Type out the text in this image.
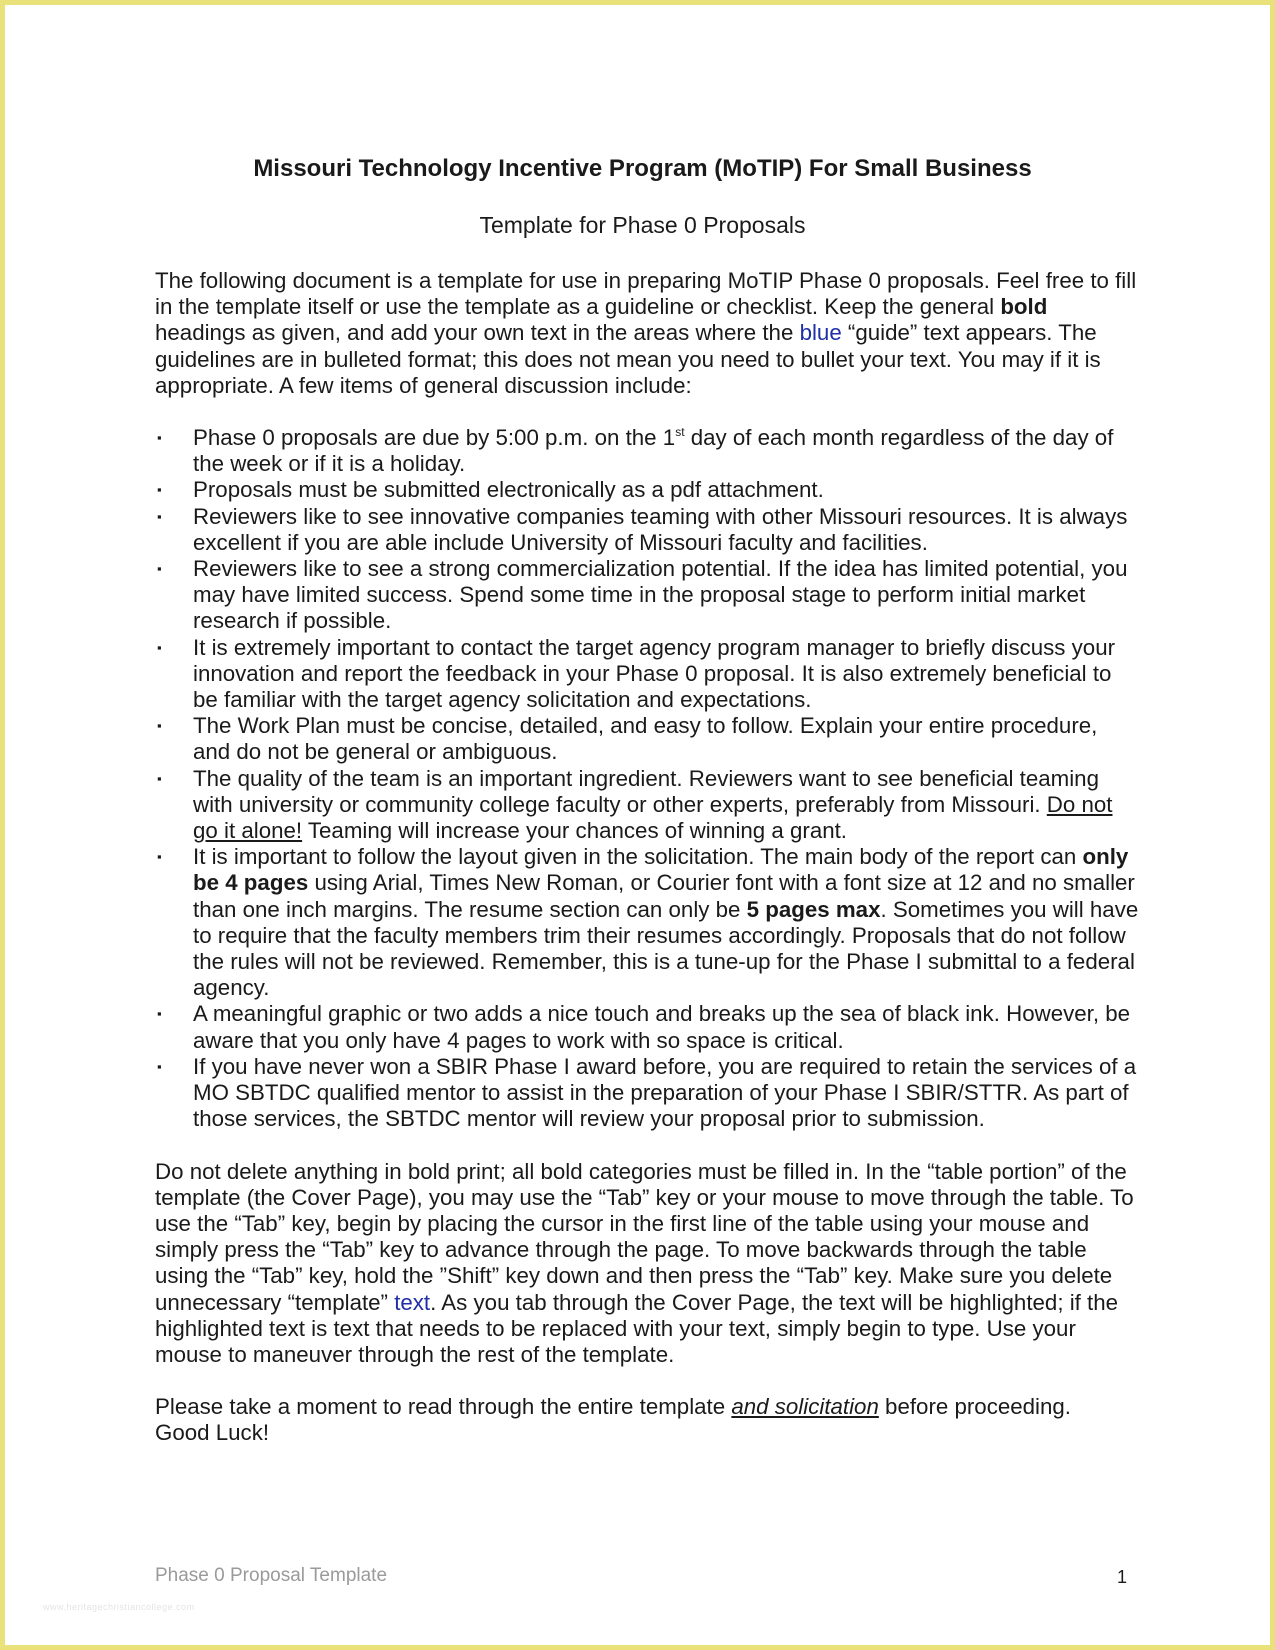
Missouri Technology Incentive Program (MoTIP) For Small Business
Template for Phase 0 Proposals

The following document is a template for use in preparing MoTIP Phase 0 proposals. Feel free to fill in the template itself or use the template as a guideline or checklist. Keep the general bold headings as given, and add your own text in the areas where the blue “guide” text appears. The guidelines are in bulleted format; this does not mean you need to bullet your text. You may if it is appropriate. A few items of general discussion include:

▪ Phase 0 proposals are due by 5:00 p.m. on the 1st day of each month regardless of the day of the week or if it is a holiday.
▪ Proposals must be submitted electronically as a pdf attachment.
▪ Reviewers like to see innovative companies teaming with other Missouri resources. It is always excellent if you are able include University of Missouri faculty and facilities.
▪ Reviewers like to see a strong commercialization potential. If the idea has limited potential, you may have limited success. Spend some time in the proposal stage to perform initial market research if possible.
▪ It is extremely important to contact the target agency program manager to briefly discuss your innovation and report the feedback in your Phase 0 proposal. It is also extremely beneficial to be familiar with the target agency solicitation and expectations.
▪ The Work Plan must be concise, detailed, and easy to follow. Explain your entire procedure, and do not be general or ambiguous.
▪ The quality of the team is an important ingredient. Reviewers want to see beneficial teaming with university or community college faculty or other experts, preferably from Missouri. Do not go it alone! Teaming will increase your chances of winning a grant.
▪ It is important to follow the layout given in the solicitation. The main body of the report can only be 4 pages using Arial, Times New Roman, or Courier font with a font size at 12 and no smaller than one inch margins. The resume section can only be 5 pages max. Sometimes you will have to require that the faculty members trim their resumes accordingly. Proposals that do not follow the rules will not be reviewed. Remember, this is a tune-up for the Phase I submittal to a federal agency.
▪ A meaningful graphic or two adds a nice touch and breaks up the sea of black ink. However, be aware that you only have 4 pages to work with so space is critical.
▪ If you have never won a SBIR Phase I award before, you are required to retain the services of a MO SBTDC qualified mentor to assist in the preparation of your Phase I SBIR/STTR. As part of those services, the SBTDC mentor will review your proposal prior to submission.

Do not delete anything in bold print; all bold categories must be filled in. In the “table portion” of the template (the Cover Page), you may use the “Tab” key or your mouse to move through the table. To use the “Tab” key, begin by placing the cursor in the first line of the table using your mouse and simply press the “Tab” key to advance through the page. To move backwards through the table using the “Tab” key, hold the ”Shift” key down and then press the “Tab” key. Make sure you delete unnecessary “template” text. As you tab through the Cover Page, the text will be highlighted; if the highlighted text is text that needs to be replaced with your text, simply begin to type. Use your mouse to maneuver through the rest of the template.

Please take a moment to read through the entire template and solicitation before proceeding.
Good Luck!

Phase 0 Proposal Template	1
www.heritagechristiancollege.com
